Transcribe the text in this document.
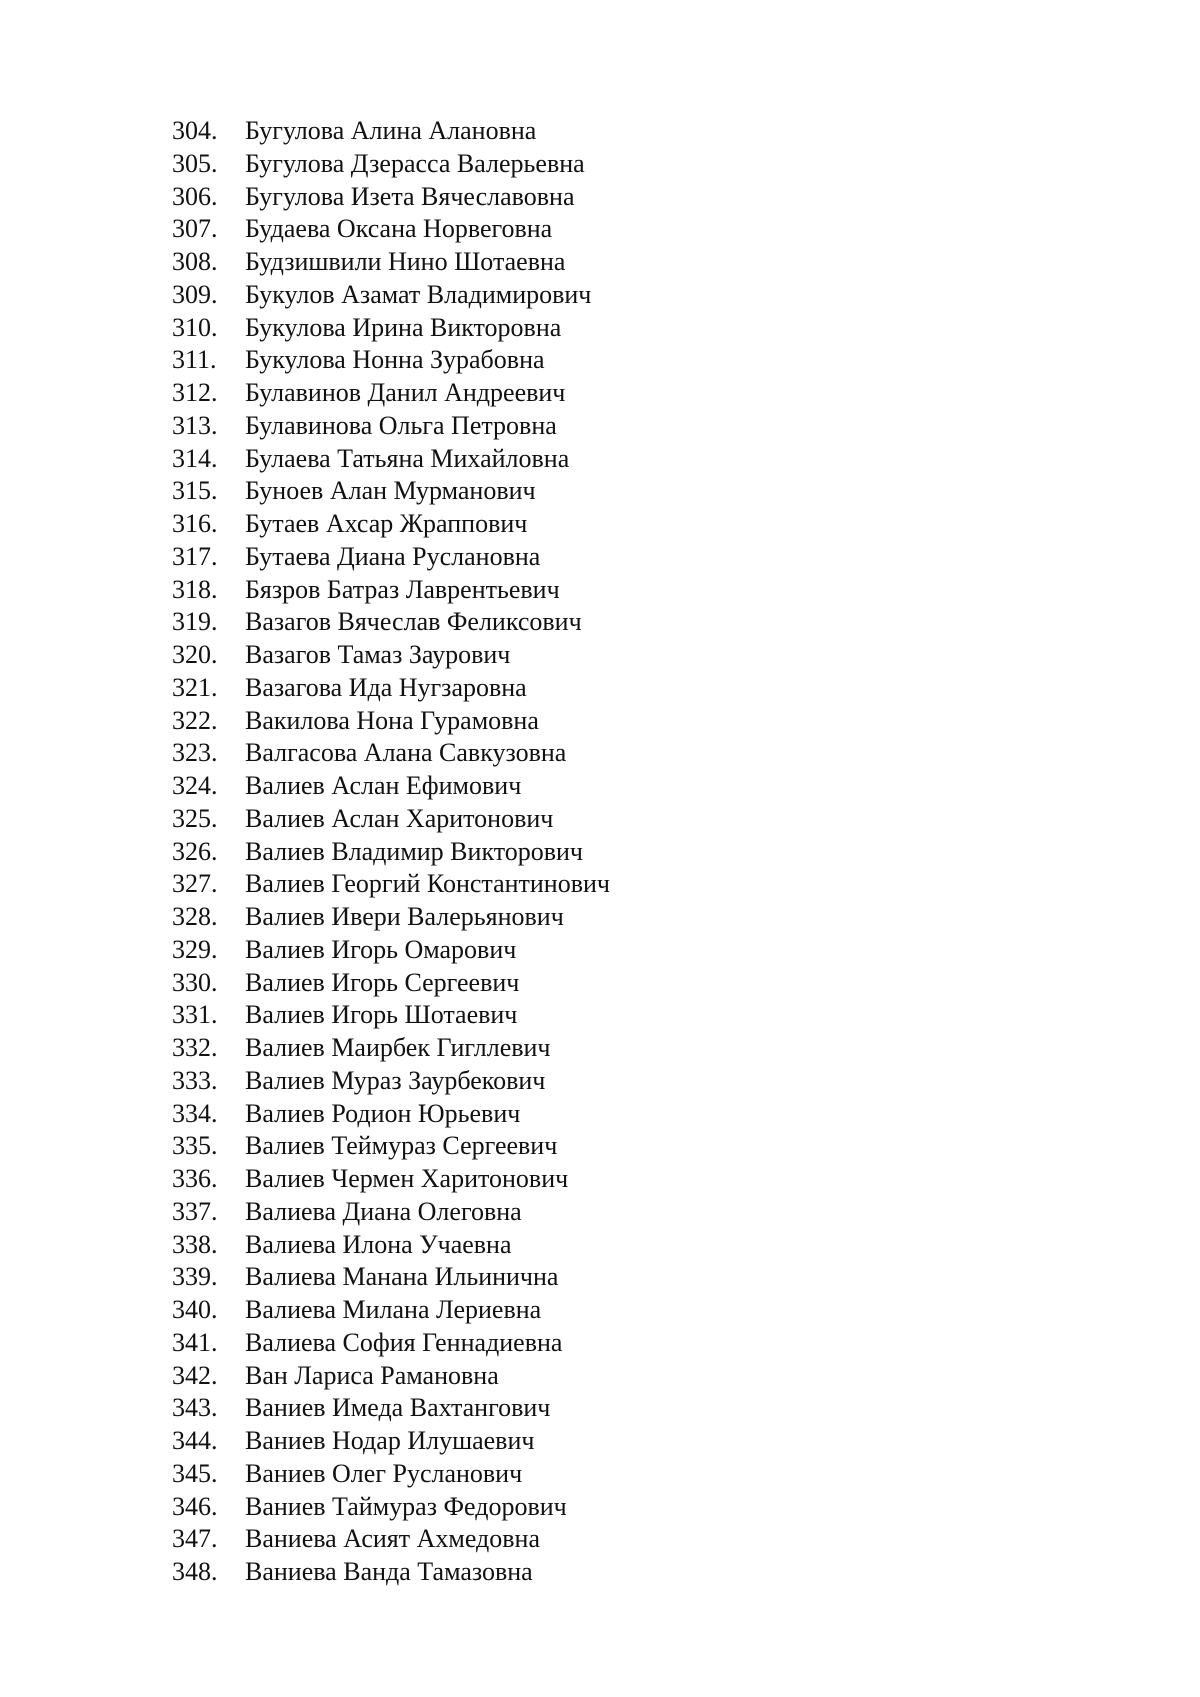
304.	Бугулова Алина Алановна
305.	Бугулова Дзерасса Валерьевна
306.	Бугулова Изета Вячеславовна
307.	Будаева Оксана Норвеговна
308.	Будзишвили Нино Шотаевна
309.	Букулов Азамат Владимирович
310.	Букулова Ирина Викторовна
311.	Букулова Нонна Зурабовна
312.	Булавинов Данил Андреевич
313.	Булавинова Ольга Петровна
314.	Булаева Татьяна Михайловна
315.	Буноев Алан Мурманович
316.	Бутаев Ахсар Жраппович
317.	Бутаева Диана Руслановна
318.	Бязров Батраз Лаврентьевич
319.	Вазагов Вячеслав Феликсович
320.	Вазагов Тамаз Заурович
321.	Вазагова Ида Нугзаровна
322.	Вакилова Нона Гурамовна
323.	Валгасова Алана Савкузовна
324.	Валиев Аслан Ефимович
325.	Валиев Аслан Харитонович
326.	Валиев Владимир Викторович
327.	Валиев Георгий Константинович
328.	Валиев Ивери Валерьянович
329.	Валиев Игорь Омарович
330.	Валиев Игорь Сергеевич
331.	Валиев Игорь Шотаевич
332.	Валиев Маирбек Гигллевич
333.	Валиев Мураз Заурбекович
334.	Валиев Родион Юрьевич
335.	Валиев Теймураз Сергеевич
336.	Валиев Чермен Харитонович
337.	Валиева Диана Олеговна
338.	Валиева Илона Учаевна
339.	Валиева Манана Ильинична
340.	Валиева Милана Лериевна
341.	Валиева София Геннадиевна
342.	Ван Лариса Рамановна
343.	Ваниев Имеда Вахтангович
344.	Ваниев Нодар Илушаевич
345.	Ваниев Олег Русланович
346.	Ваниев Таймураз Федорович
347.	Ваниева Асият Ахмедовна
348.	Ваниева Ванда Тамазовна
